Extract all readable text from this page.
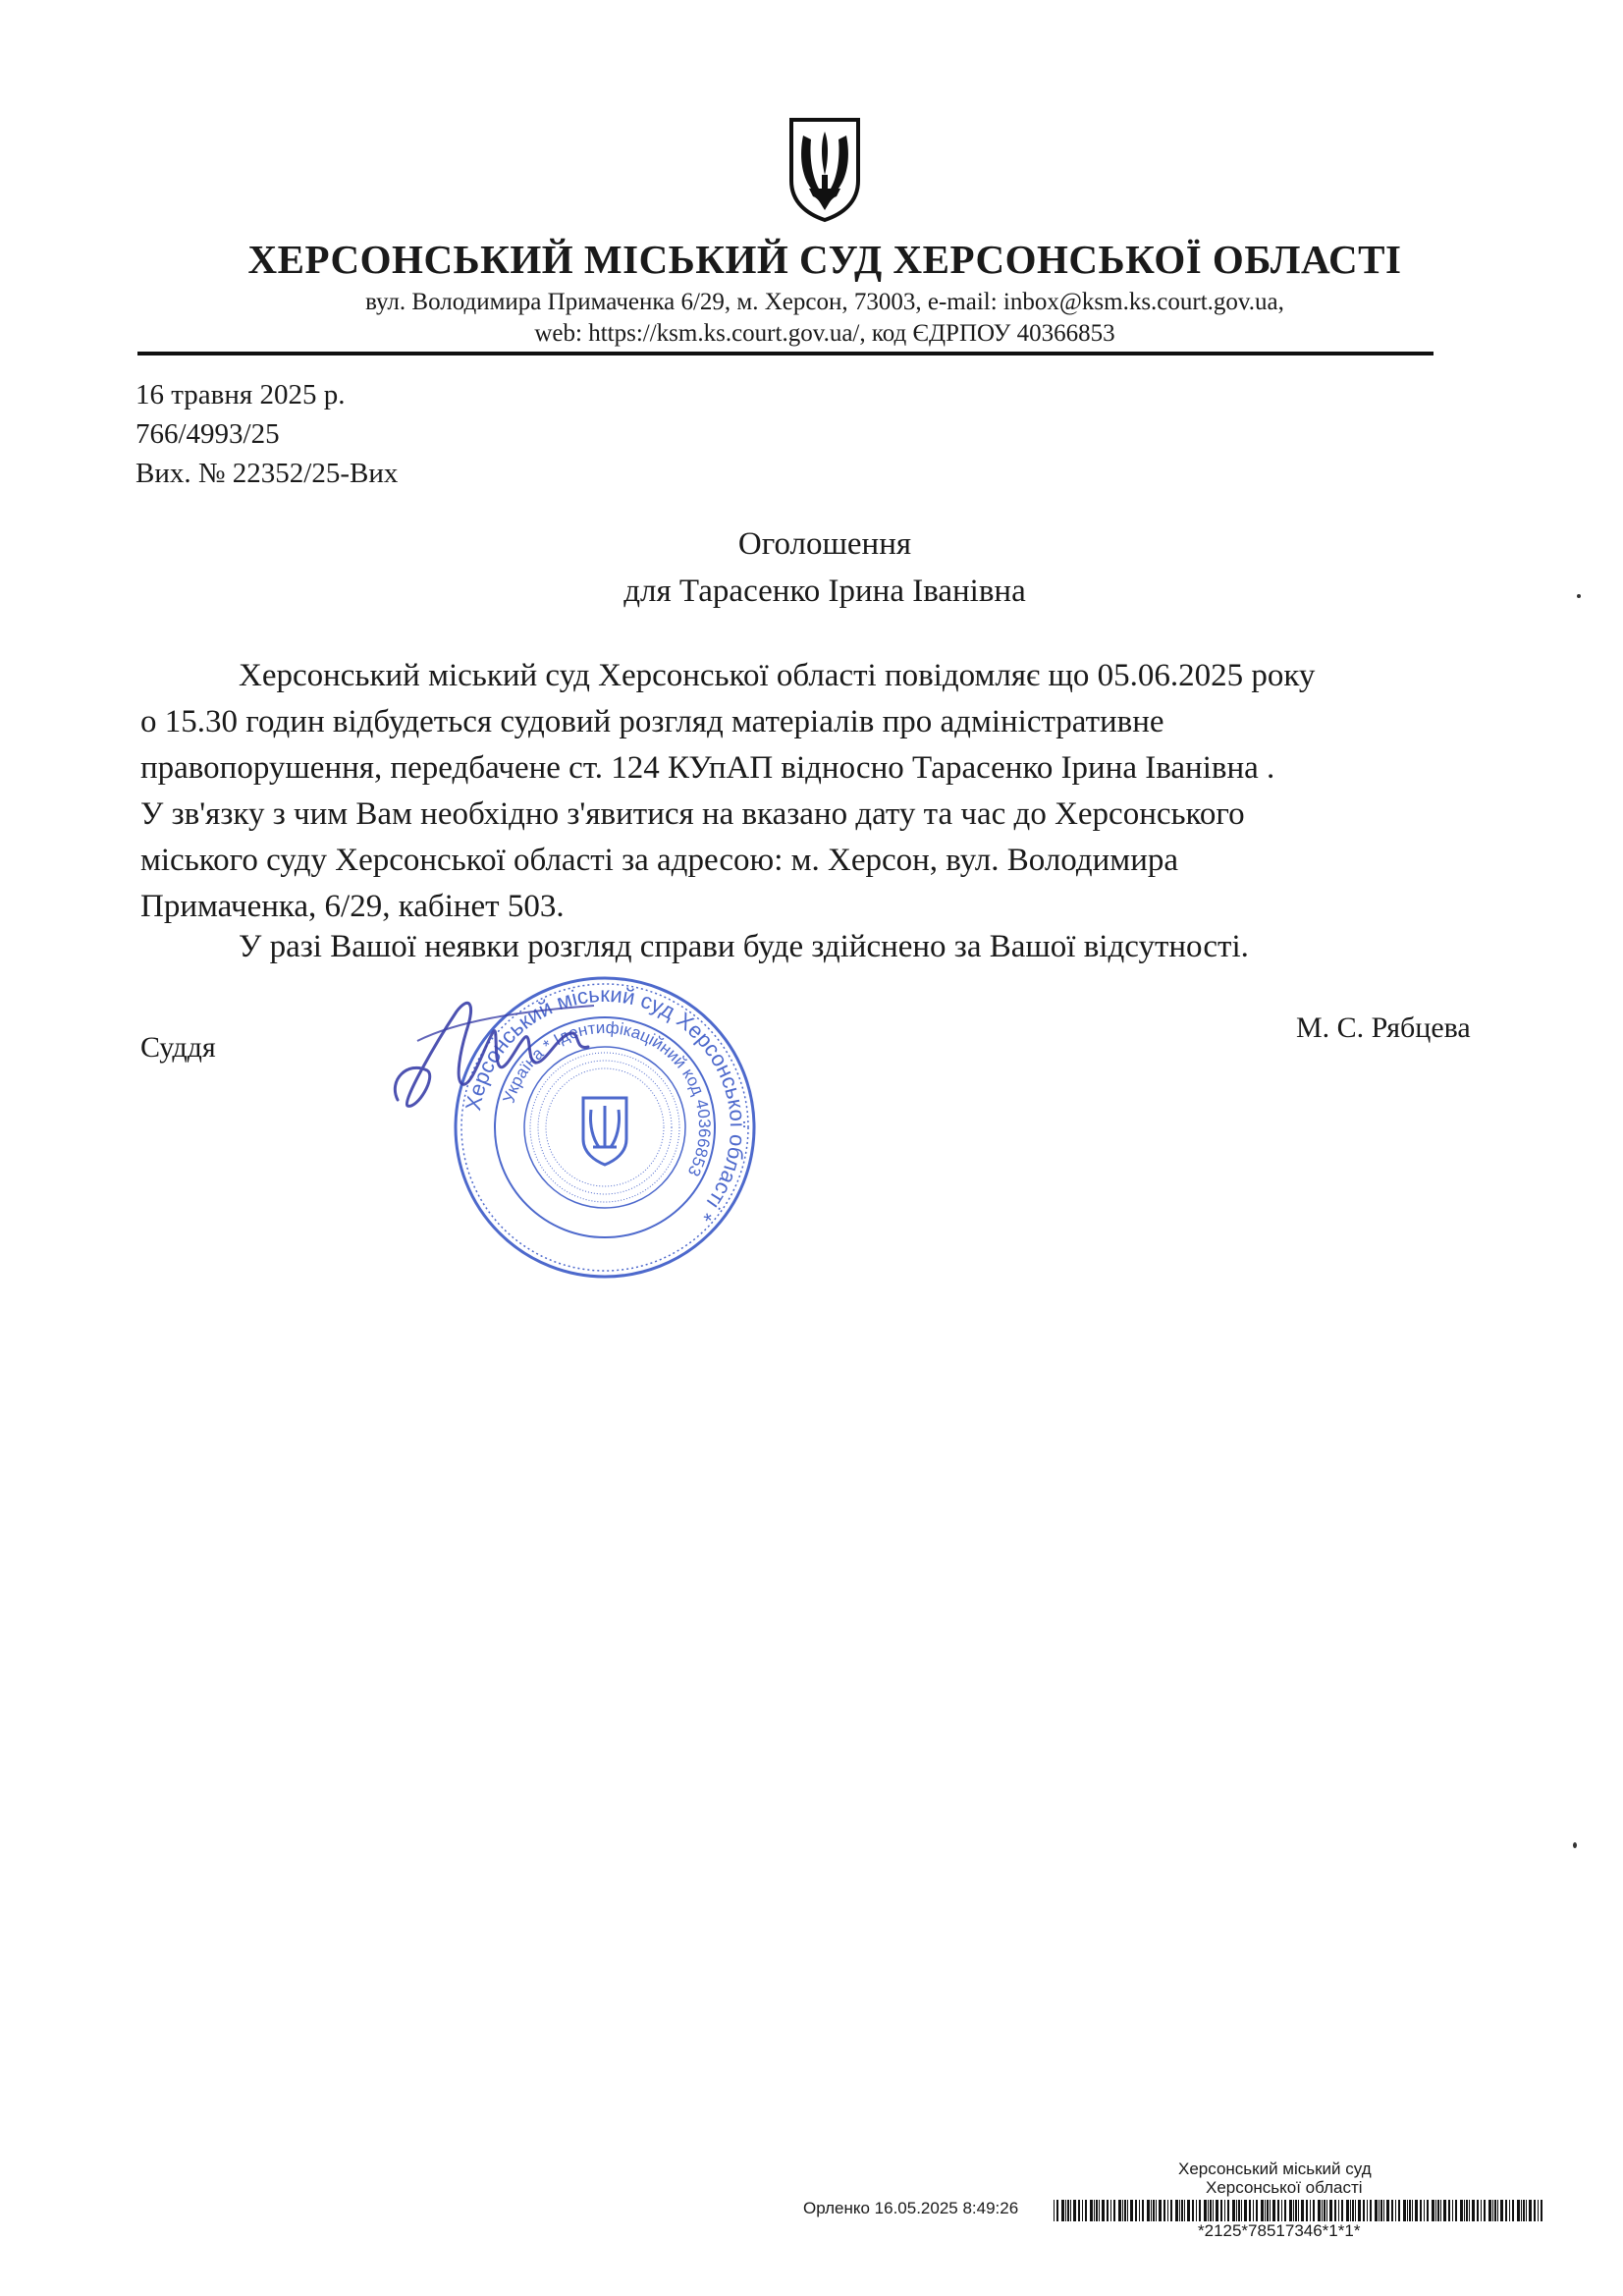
ХЕРСОНСЬКИЙ МІСЬКИЙ СУД ХЕРСОНСЬКОЇ ОБЛАСТІ
вул. Володимира Примаченка 6/29, м. Херсон, 73003, e-mail: inbox@ksm.ks.court.gov.ua,
web: https://ksm.ks.court.gov.ua/, код ЄДРПОУ 40366853
16 травня 2025 р.
766/4993/25
Вих. № 22352/25-Вих
Оголошення
для Тарасенко Ірина Іванівна
Херсонський міський суд Херсонської області повідомляє що 05.06.2025 року
о 15.30 годин відбудеться судовий розгляд матеріалів про адміністративне
правопорушення, передбачене ст. 124 КУпАП відносно Тарасенко Ірина Іванівна .
У зв'язку з чим Вам необхідно з'явитися на вказано дату та час до Херсонського
міського суду Херсонської області за адресою: м. Херсон, вул. Володимира
Примаченка, 6/29, кабінет 503.
У разі Вашої неявки розгляд справи буде здійснено за Вашої відсутності.
Суддя
М. С. Рябцева
Херсонський міський суд Херсонської області *
Україна * Ідентифікаційний код 40366853
Херсонський міський суд
Херсонської області
Орленко 16.05.2025 8:49:26
*2125*78517346*1*1*
